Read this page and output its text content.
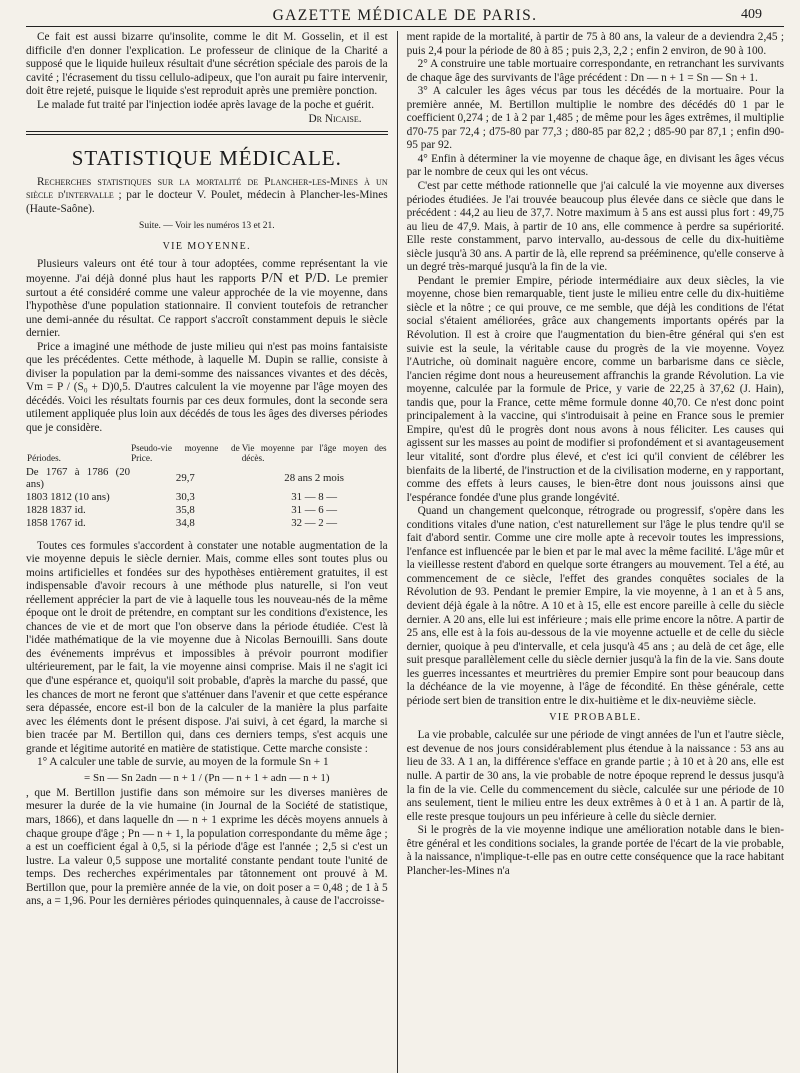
GAZETTE MÉDICALE DE PARIS.	409

Ce fait est aussi bizarre qu'insolite, comme le dit M. Gosselin, et il est difficile d'en donner l'explication. Le professeur de clinique de la Charité a supposé que le liquide huileux résultait d'une sécrétion spéciale des parois de la cavité ; l'écrasement du tissu cellulo-adipeux, que l'on aurait pu faire intervenir, doit être rejeté, puisque le liquide s'est reproduit après une première ponction.

Le malade fut traité par l'injection iodée après lavage de la poche et guérit.

Dr Nicaise.
STATISTIQUE MÉDICALE.

Recherches statistiques sur la mortalité de Plancher-les-Mines à un siècle d'intervalle ; par le docteur V. Poulet, médecin à Plancher-les-Mines (Haute-Saône).

Suite. — Voir les numéros 13 et 21.
VIE MOYENNE.

Plusieurs valeurs ont été tour à tour adoptées, comme représentant la vie moyenne. J'ai déjà donné plus haut les rapports P/N et P/D. Le premier surtout a été considéré comme une valeur approchée de la vie moyenne, dans l'hypothèse d'une population stationnaire. Il convient toutefois de retrancher une demi-année du résultat. Ce rapport s'accroît constamment depuis le siècle dernier.

Price a imaginé une méthode de juste milieu qui n'est pas moins fantaisiste que les précédentes. Cette méthode, à laquelle M. Dupin se rallie, consiste à diviser la population par la demi-somme des naissances vivantes et des décès, Vm = P / (S₀ + D)0,5. D'autres calculent la vie moyenne par l'âge moyen des décédés. Voici les résultats fournis par ces deux formules, dont la seconde sera utilement appliquée plus loin aux décédés de tous les âges des diverses périodes que je considère.

Périodes.	Pseudo-vie moyenne de Price.	Vie moyenne par l'âge moyen des décès.
De 1767 à 1786 (20 ans)	29,7	28 ans 2 mois
1803 1812 (10 ans)	30,3	31 — 8 —
1828 1837 id.	35,8	31 — 6 —
1858 1767 id.	34,8	32 — 2 —

Toutes ces formules s'accordent à constater une notable augmentation de la vie moyenne depuis le siècle dernier. Mais, comme elles sont toutes plus ou moins artificielles et fondées sur des hypothèses entièrement gratuites, il est indispensable d'avoir recours à une méthode plus naturelle, si l'on veut réellement apprécier la part de vie à laquelle tous les nouveau-nés de la même époque ont le droit de prétendre, en comptant sur les conditions d'existence, les chances de vie et de mort que l'on observe dans la période étudiée. C'est là l'idée mathématique de la vie moyenne due à Nicolas Bernouilli. Sans doute des événements imprévus et impossibles à prévoir pourront modifier ultérieurement, par le fait, la vie moyenne ainsi comprise. Mais il ne s'agit ici que d'une espérance et, quoiqu'il soit probable, d'après la marche du passé, que les chances de mort ne feront que s'atténuer dans l'avenir et que cette espérance sera dépassée, encore est-il bon de la calculer de la manière la plus parfaite avec les éléments dont le présent dispose. J'ai suivi, à cet égard, la marche si bien tracée par M. Bertillon qui, dans ces derniers temps, s'est acquis une grande et légitime autorité en matière de statistique. Cette marche consiste :

1° A calculer une table de survie, au moyen de la formule Sn + 1

= Sn — Sn 2adn — n + 1 / (Pn — n + 1 + adn — n + 1)

, que M. Bertillon justifie dans son mémoire sur les diverses manières de mesurer la durée de la vie humaine (in Journal de la Société de statistique, mars, 1866), et dans laquelle dn — n + 1 exprime les décès moyens annuels à chaque groupe d'âge ; Pn — n + 1, la population correspondante du même âge ; a est un coefficient égal à 0,5, si la période d'âge est l'année ; 2,5 si c'est un lustre. La valeur 0,5 suppose une mortalité constante pendant toute l'unité de temps. Des recherches expérimentales par tâtonnement ont prouvé à M. Bertillon que, pour la première année de la vie, on doit poser a = 0,48 ; de 1 à 5 ans, a = 1,96. Pour les dernières périodes quinquennales, à cause de l'accroisse-

ment rapide de la mortalité, à partir de 75 à 80 ans, la valeur de a deviendra 2,45 ; puis 2,4 pour la période de 80 à 85 ; puis 2,3, 2,2 ; enfin 2 environ, de 90 à 100.

2° A construire une table mortuaire correspondante, en retranchant les survivants de chaque âge des survivants de l'âge précédent : Dn — n + 1 = Sn — Sn + 1.

3° A calculer les âges vécus par tous les décédés de la mortuaire. Pour la première année, M. Bertillon multiplie le nombre des décédés d0 1 par le coefficient 0,274 ; de 1 à 2 par 1,485 ; de même pour les âges extrêmes, il multiplie d70-75 par 72,4 ; d75-80 par 77,3 ; d80-85 par 82,2 ; d85-90 par 87,1 ; enfin d90-95 par 92.

4° Enfin à déterminer la vie moyenne de chaque âge, en divisant les âges vécus par le nombre de ceux qui les ont vécus.

C'est par cette méthode rationnelle que j'ai calculé la vie moyenne aux diverses périodes étudiées. Je l'ai trouvée beaucoup plus élevée dans ce siècle que dans le précédent : 44,2 au lieu de 37,7. Notre maximum à 5 ans est aussi plus fort : 49,75 au lieu de 47,9. Mais, à partir de 10 ans, elle commence à perdre sa supériorité. Elle reste constamment, parvo intervallo, au-dessous de celle du dix-huitième siècle jusqu'à 30 ans. A partir de là, elle reprend sa prééminence, qu'elle conserve à un degré très-marqué jusqu'à la fin de la vie.

Pendant le premier Empire, période intermédiaire aux deux siècles, la vie moyenne, chose bien remarquable, tient juste le milieu entre celle du dix-huitième siècle et la nôtre ; ce qui prouve, ce me semble, que déjà les conditions de l'état social s'étaient améliorées, grâce aux changements importants opérés par la Révolution. Il est à croire que l'augmentation du bien-être général qui s'en est suivie est la seule, la véritable cause du progrès de la vie moyenne. Voyez l'Autriche, où dominait naguère encore, comme un barbarisme dans ce siècle, l'ancien régime dont nous a heureusement affranchis la grande Révolution. La vie moyenne, calculée par la formule de Price, y varie de 22,25 à 37,62 (J. Hain), tandis que, pour la France, cette même formule donne 40,70. Ce n'est donc point principalement à la vaccine, qui s'introduisait à peine en France sous le premier Empire, qu'est dû le progrès dont nous avons à nous féliciter. Les causes qui agissent sur les masses au point de modifier si profondément et si avantageusement leur vitalité, sont d'ordre plus élevé, et c'est ici qu'il convient de célébrer les bienfaits de la liberté, de l'instruction et de la civilisation moderne, en y rapportant, comme des effets à leurs causes, le bien-être dont nous jouissons ainsi que l'espérance fondée d'une plus grande longévité.

Quand un changement quelconque, rétrograde ou progressif, s'opère dans les conditions vitales d'une nation, c'est naturellement sur l'âge le plus tendre qu'il se fait d'abord sentir. Comme une cire molle apte à recevoir toutes les impressions, l'enfance est influencée par le bien et par le mal avec la même facilité. L'âge mûr et la vieillesse restent d'abord en quelque sorte étrangers au mouvement. Tel a été, au commencement de ce siècle, l'effet des grandes conquêtes sociales de la Révolution de 93. Pendant le premier Empire, la vie moyenne, à 1 an et à 5 ans, devient déjà égale à la nôtre. A 10 et à 15, elle est encore pareille à celle du siècle dernier. A 20 ans, elle lui est inférieure ; mais elle prime encore la nôtre. A partir de 25 ans, elle est à la fois au-dessous de la vie moyenne actuelle et de celle du siècle dernier, quoique à peu d'intervalle, et cela jusqu'à 45 ans ; au delà de cet âge, elle suit presque parallèlement celle du siècle dernier jusqu'à la fin de la vie. Sans doute les guerres incessantes et meurtrières du premier Empire sont pour beaucoup dans la déchéance de la vie moyenne, à l'âge de fécondité. En thèse générale, cette période sert bien de transition entre le dix-huitième et le dix-neuvième siècle.

VIE PROBABLE.

La vie probable, calculée sur une période de vingt années de l'un et l'autre siècle, est devenue de nos jours considérablement plus étendue à la naissance : 53 ans au lieu de 33. A 1 an, la différence s'efface en grande partie ; à 10 et à 20 ans, elle est nulle. A partir de 30 ans, la vie probable de notre époque reprend le dessus jusqu'à la fin de la vie. Celle du commencement du siècle, calculée sur une période de 10 ans seulement, tient le milieu entre les deux extrêmes à 0 et à 1 an. A partir de là, elle reste presque toujours un peu inférieure à celle du siècle dernier.

Si le progrès de la vie moyenne indique une amélioration notable dans le bien-être général et les conditions sociales, la grande portée de l'écart de la vie probable, à la naissance, n'implique-t-elle pas en outre cette conséquence que la race habitant Plancher-les-Mines n'a
